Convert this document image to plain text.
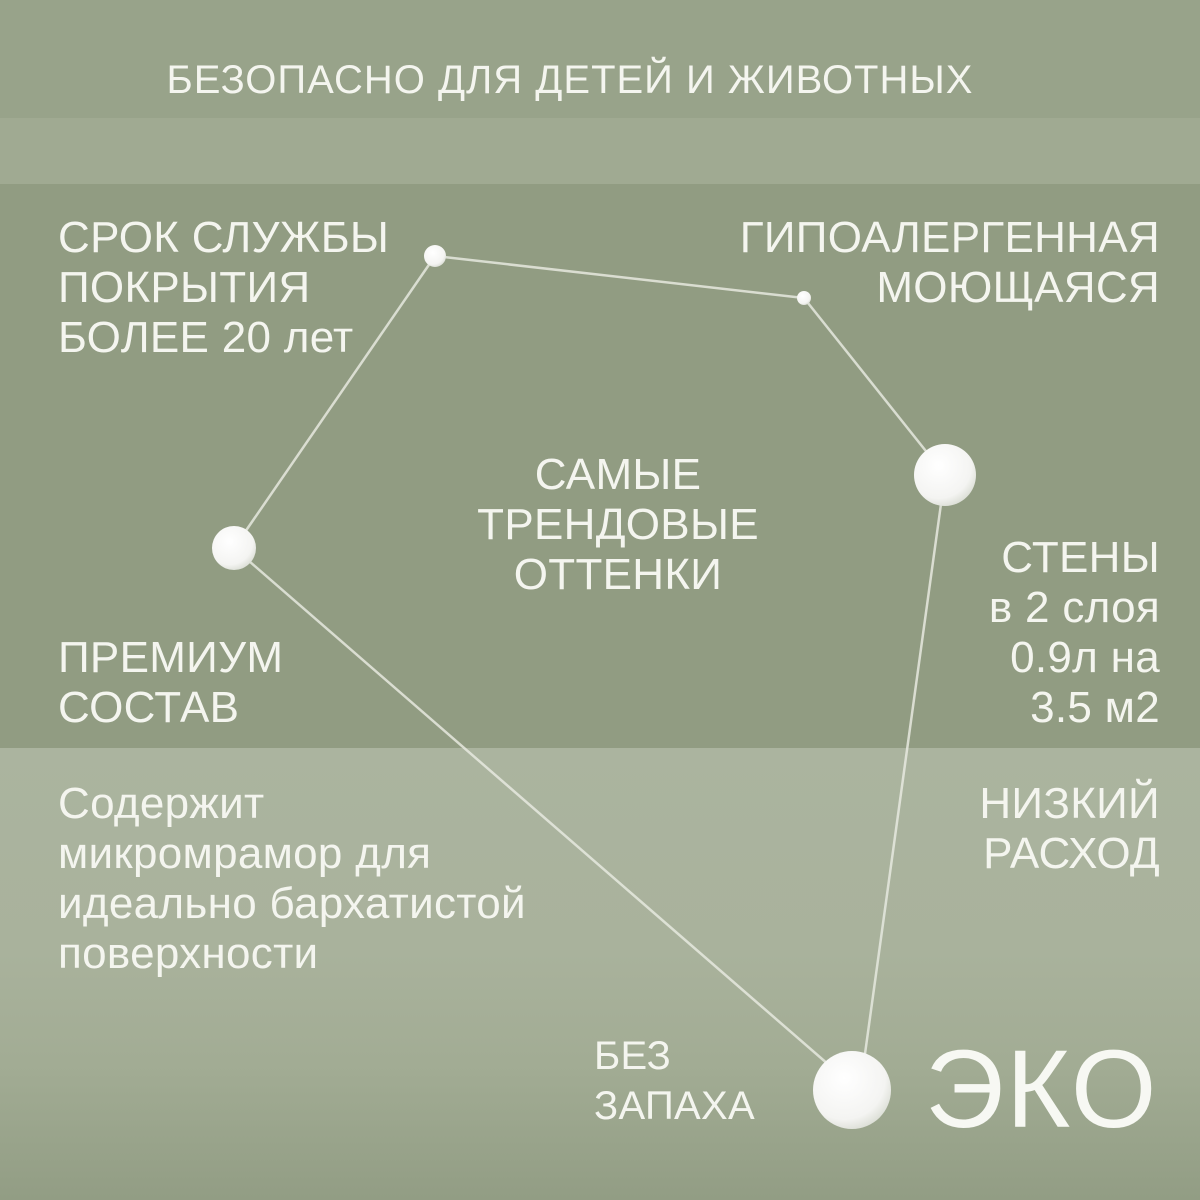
БЕЗОПАСНО ДЛЯ ДЕТЕЙ И ЖИВОТНЫХ
СРОК СЛУЖБЫ
ПОКРЫТИЯ
БОЛЕЕ 20 лет
ГИПОАЛЕРГЕННАЯ
МОЮЩАЯСЯ
САМЫЕ
ТРЕНДОВЫЕ
ОТТЕНКИ	СТЕНЫ
в 2 слоя
0.9л на
3.5 м2
ПРЕМИУМ
СОСТАВ
Содержит
микромрамор для
идеально бархатистой
поверхности
НИЗКИЙ
РАСХОД
БЕЗ
ЗАПАХА ЭКО
